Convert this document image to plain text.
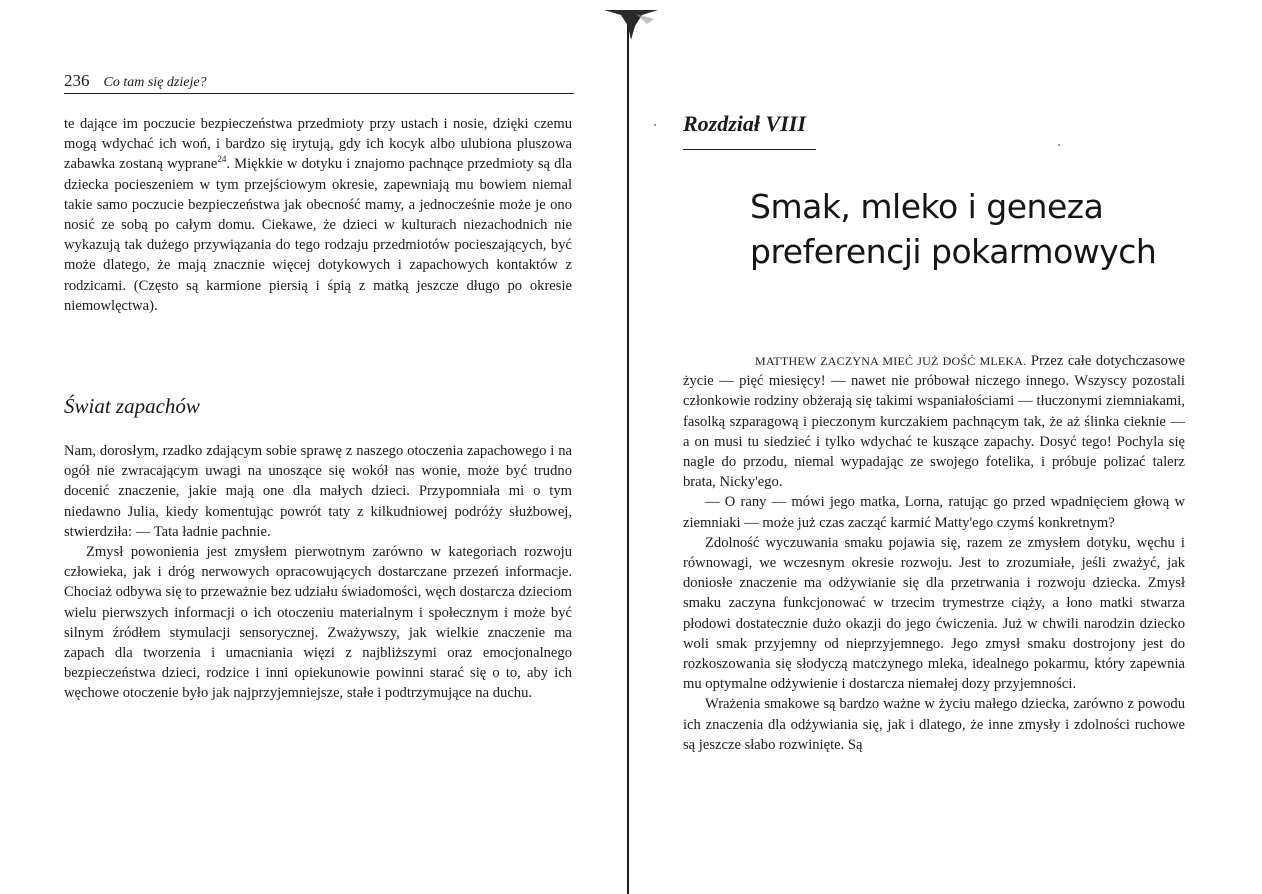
236 Co tam się dzieje?

te dające im poczucie bezpieczeństwa przedmioty przy ustach i nosie, dzięki czemu mogą wdychać ich woń, i bardzo się irytują, gdy ich kocyk albo ulubiona pluszowa zabawka zostaną wyprane$^{24}$. Miękkie w dotyku i znajomo pachnące przedmioty są dla dziecka pocieszeniem w tym przejściowym okresie, zapewniają mu bowiem niemal takie samo poczucie bezpieczeństwa jak obecność mamy, a jednocześnie może je ono nosić ze sobą po całym domu. Ciekawe, że dzieci w kulturach niezachodnich nie wykazują tak dużego przywiązania do tego rodzaju przedmiotów pocieszających, być może dlatego, że mają znacznie więcej dotykowych i zapachowych kontaktów z rodzicami. (Często są karmione piersią i śpią z matką jeszcze długo po okresie niemowlęctwa).

Świat zapachów

Nam, dorosłym, rzadko zdającym sobie sprawę z naszego otoczenia zapachowego i na ogół nie zwracającym uwagi na unoszące się wokół nas wonie, może być trudno docenić znaczenie, jakie mają one dla małych dzieci. Przypomniała mi o tym niedawno Julia, kiedy komentując powrót taty z kilkudniowej podróży służbowej, stwierdziła: — Tata ładnie pachnie.

Zmysł powonienia jest zmysłem pierwotnym zarówno w kategoriach rozwoju człowieka, jak i dróg nerwowych opracowujących dostarczane przezeń informacje. Chociaż odbywa się to przeważnie bez udziału świadomości, węch dostarcza dzieciom wielu pierwszych informacji o ich otoczeniu materialnym i społecznym i może być silnym źródłem stymulacji sensorycznej. Zważywszy, jak wielkie znaczenie ma zapach dla tworzenia i umacniania więzi z najbliższymi oraz emocjonalnego bezpieczeństwa dzieci, rodzice i inni opiekunowie powinni starać się o to, aby ich węchowe otoczenie było jak najprzyjemniejsze, stałe i podtrzymujące na duchu.

Rozdział VIII
Smak, mleko i geneza
preferencji pokarmowych

MATTHEW ZACZYNA MIEĆ JUŻ DOŚĆ MLEKA. Przez całe dotychczasowe życie — pięć miesięcy! — nawet nie próbował niczego innego. Wszyscy pozostali członkowie rodziny obżerają się takimi wspaniałościami — tłuczonymi ziemniakami, fasolką szparagową i pieczonym kurczakiem pachnącym tak, że aż ślinka cieknie — a on musi tu siedzieć i tylko wdychać te kuszące zapachy. Dosyć tego! Pochyla się nagle do przodu, niemal wypadając ze swojego fotelika, i próbuje polizać talerz brata, Nicky'ego.

— O rany — mówi jego matka, Lorna, ratując go przed wpadnięciem głową w ziemniaki — może już czas zacząć karmić Matty'ego czymś konkretnym?

Zdolność wyczuwania smaku pojawia się, razem ze zmysłem dotyku, węchu i równowagi, we wczesnym okresie rozwoju. Jest to zrozumiałe, jeśli zważyć, jak doniosłe znaczenie ma odżywianie się dla przetrwania i rozwoju dziecka. Zmysł smaku zaczyna funkcjonować w trzecim trymestrze ciąży, a łono matki stwarza płodowi dostatecznie dużo okazji do jego ćwiczenia. Już w chwili narodzin dziecko woli smak przyjemny od nieprzyjemnego. Jego zmysł smaku dostrojony jest do rozkoszowania się słodyczą matczynego mleka, idealnego pokarmu, który zapewnia mu optymalne odżywienie i dostarcza niemałej dozy przyjemności.

Wrażenia smakowe są bardzo ważne w życiu małego dziecka, zarówno z powodu ich znaczenia dla odżywiania się, jak i dlatego, że inne zmysły i zdolności ruchowe są jeszcze słabo rozwinięte. Są
